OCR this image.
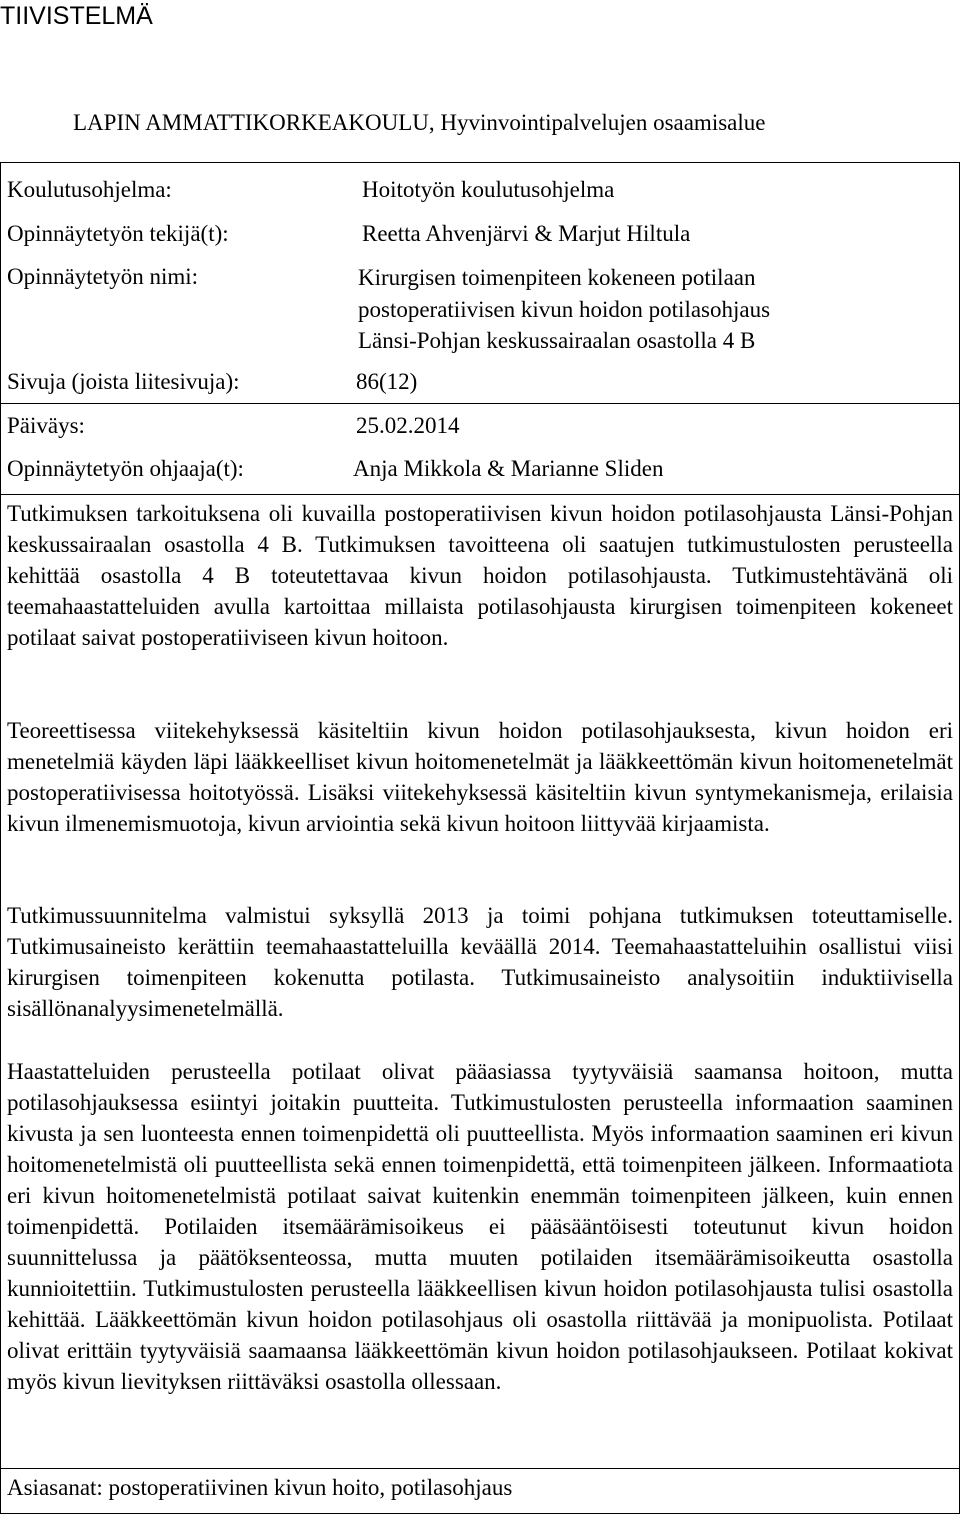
TIIVISTELMÄ
LAPIN AMMATTIKORKEAKOULU, Hyvinvointipalvelujen osaamisalue
Koulutusohjelma:	Hoitotyön koulutusohjelma
Opinnäytetyön tekijä(t):	Reetta Ahvenjärvi & Marjut Hiltula
Opinnäytetyön nimi:	Kirurgisen toimenpiteen kokeneen potilaan
postoperatiivisen kivun hoidon potilasohjaus
Länsi-Pohjan keskussairaalan osastolla 4 B
Sivuja (joista liitesivuja):	86(12)
Päiväys:	25.02.2014
Opinnäytetyön ohjaaja(t):	Anja Mikkola & Marianne Sliden

Tutkimuksen tarkoituksena oli kuvailla postoperatiivisen kivun hoidon potilasohjausta Länsi-Pohjan keskussairaalan osastolla 4 B. Tutkimuksen tavoitteena oli saatujen tutkimustulosten perusteella kehittää osastolla 4 B toteutettavaa kivun hoidon potilasohjausta. Tutkimustehtävänä oli teemahaastatteluiden avulla kartoittaa millaista potilasohjausta kirurgisen toimenpiteen kokeneet potilaat saivat postoperatiiviseen kivun hoitoon.

Teoreettisessa viitekehyksessä käsiteltiin kivun hoidon potilasohjauksesta, kivun hoidon eri menetelmiä käyden läpi lääkkeelliset kivun hoitomenetelmät ja lääkkeettömän kivun hoitomenetelmät postoperatiivisessa hoitotyössä. Lisäksi viitekehyksessä käsiteltiin kivun syntymekanismeja, erilaisia kivun ilmenemismuotoja, kivun arviointia sekä kivun hoitoon liittyvää kirjaamista.

Tutkimussuunnitelma valmistui syksyllä 2013 ja toimi pohjana tutkimuksen toteuttamiselle. Tutkimusaineisto kerättiin teemahaastatteluilla keväällä 2014. Teemahaastatteluihin osallistui viisi kirurgisen toimenpiteen kokenutta potilasta. Tutkimusaineisto analysoitiin induktiivisella sisällönanalyysimenetelmällä.

Haastatteluiden perusteella potilaat olivat pääasiassa tyytyväisiä saamansa hoitoon, mutta potilasohjauksessa esiintyi joitakin puutteita. Tutkimustulosten perusteella informaation saaminen kivusta ja sen luonteesta ennen toimenpidettä oli puutteellista. Myös informaation saaminen eri kivun hoitomenetelmistä oli puutteellista sekä ennen toimenpidettä, että toimenpiteen jälkeen. Informaatiota eri kivun hoitomenetelmistä potilaat saivat kuitenkin enemmän toimenpiteen jälkeen, kuin ennen toimenpidettä. Potilaiden itsemäärämisoikeus ei pääsääntöisesti toteutunut kivun hoidon suunnittelussa ja päätöksenteossa, mutta muuten potilaiden itsemäärämisoikeutta osastolla kunnioitettiin. Tutkimustulosten perusteella lääkkeellisen kivun hoidon potilasohjausta tulisi osastolla kehittää. Lääkkeettömän kivun hoidon potilasohjaus oli osastolla riittävää ja monipuolista. Potilaat olivat erittäin tyytyväisiä saamaansa lääkkeettömän kivun hoidon potilasohjaukseen. Potilaat kokivat myös kivun lievityksen riittäväksi osastolla ollessaan.

Asiasanat: postoperatiivinen kivun hoito, potilasohjaus
